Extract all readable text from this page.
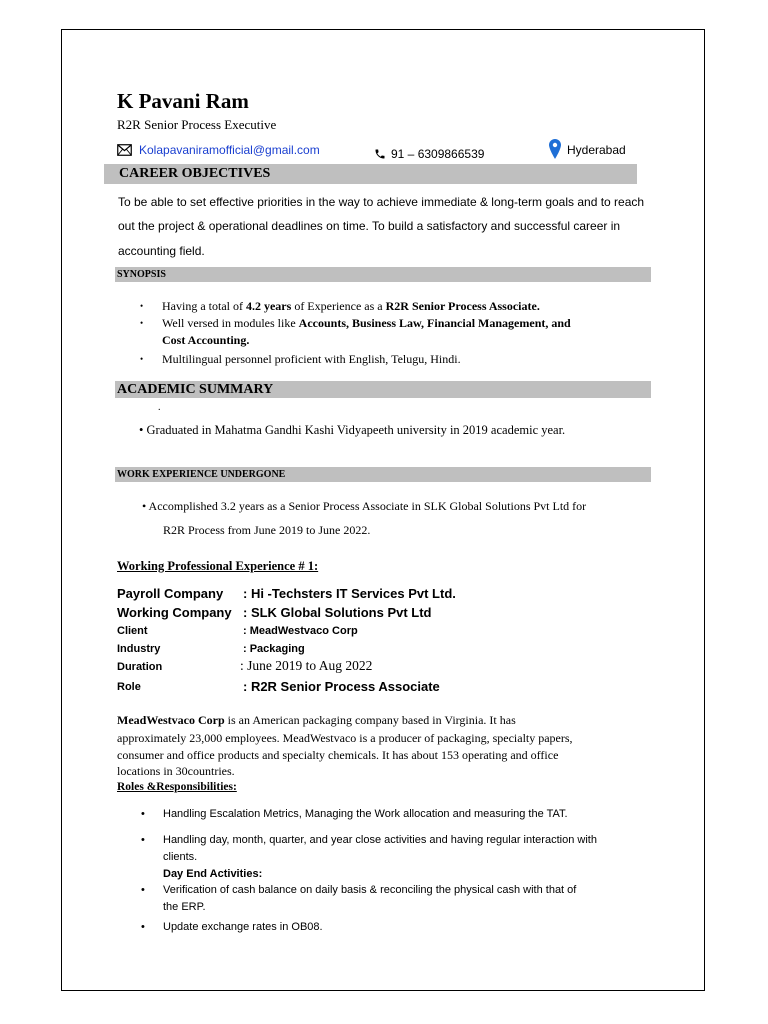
K Pavani Ram
R2R Senior Process Executive
Kolapavaniramofficial@gmail.com	91 – 6309866539	Hyderabad
CAREER OBJECTIVES
To be able to set effective priorities in the way to achieve immediate & long-term goals and to reach
out the project & operational deadlines on time. To build a satisfactory and successful career in
accounting field.
SYNOPSIS
• Having a total of 4.2 years of Experience as a R2R Senior Process Associate.
• Well versed in modules like Accounts, Business Law, Financial Management, and
Cost Accounting.
• Multilingual personnel proficient with English, Telugu, Hindi.
ACADEMIC SUMMARY
.
• Graduated in Mahatma Gandhi Kashi Vidyapeeth university in 2019 academic year.
WORK EXPERIENCE UNDERGONE
• Accomplished 3.2 years as a Senior Process Associate in SLK Global Solutions Pvt Ltd for
R2R Process from June 2019 to June 2022.
Working Professional Experience # 1:
Payroll Company : Hi -Techsters IT Services Pvt Ltd.
Working Company : SLK Global Solutions Pvt Ltd
Client	: MeadWestvaco Corp
Industry	: Packaging
Duration	: June 2019 to Aug 2022
Role	: R2R Senior Process Associate
MeadWestvaco Corp is an American packaging company based in Virginia. It has
approximately 23,000 employees. MeadWestvaco is a producer of packaging, specialty papers,
consumer and office products and specialty chemicals. It has about 153 operating and office
locations in 30countries.
Roles &Responsibilities:
• Handling Escalation Metrics, Managing the Work allocation and measuring the TAT.
• Handling day, month, quarter, and year close activities and having regular interaction with
clients.
Day End Activities:
• Verification of cash balance on daily basis & reconciling the physical cash with that of
the ERP.
• Update exchange rates in OB08.
